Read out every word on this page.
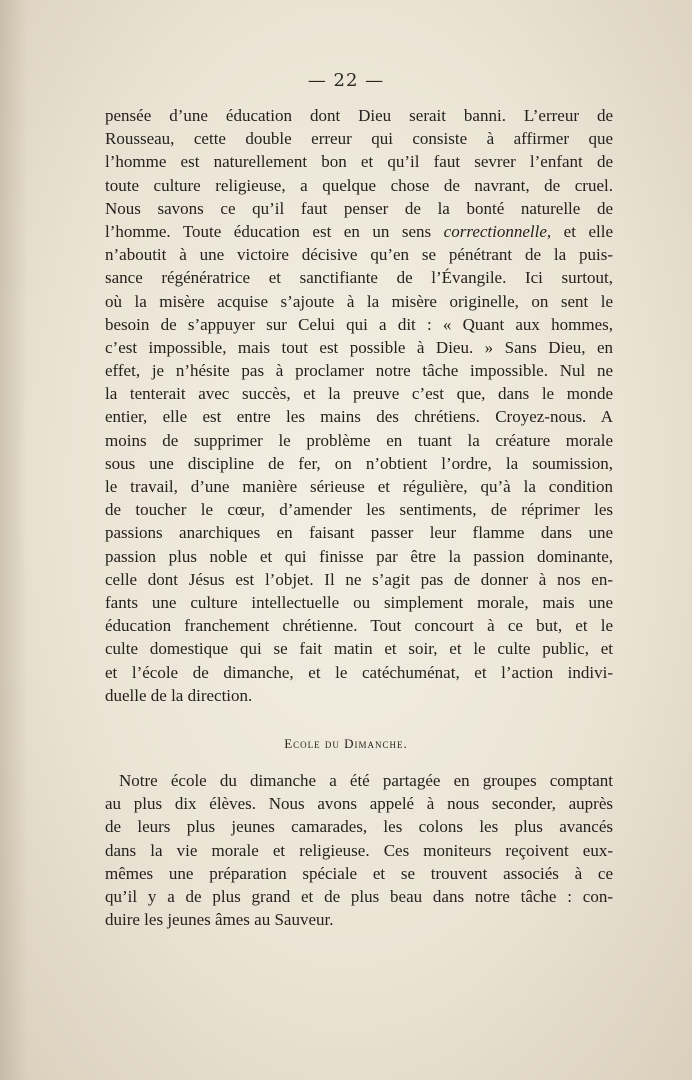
— 22 —
pensée d’une éducation dont Dieu serait banni. L’erreur de
Rousseau, cette double erreur qui consiste à affirmer que
l’homme est naturellement bon et qu’il faut sevrer l’enfant de
toute culture religieuse, a quelque chose de navrant, de cruel.
Nous savons ce qu’il faut penser de la bonté naturelle de
l’homme. Toute éducation est en un sens correctionnelle, et elle
n’aboutit à une victoire décisive qu’en se pénétrant de la puis-
sance régénératrice et sanctifiante de l’Évangile. Ici surtout,
où la misère acquise s’ajoute à la misère originelle, on sent le
besoin de s’appuyer sur Celui qui a dit : « Quant aux hommes,
c’est impossible, mais tout est possible à Dieu. » Sans Dieu, en
effet, je n’hésite pas à proclamer notre tâche impossible. Nul ne
la tenterait avec succès, et la preuve c’est que, dans le monde
entier, elle est entre les mains des chrétiens. Croyez-nous. A
moins de supprimer le problème en tuant la créature morale
sous une discipline de fer, on n’obtient l’ordre, la soumission,
le travail, d’une manière sérieuse et régulière, qu’à la condition
de toucher le cœur, d’amender les sentiments, de réprimer les
passions anarchiques en faisant passer leur flamme dans une
passion plus noble et qui finisse par être la passion dominante,
celle dont Jésus est l’objet. Il ne s’agit pas de donner à nos en-
fants une culture intellectuelle ou simplement morale, mais une
éducation franchement chrétienne. Tout concourt à ce but, et le
culte domestique qui se fait matin et soir, et le culte public, et
et l’école de dimanche, et le catéchuménat, et l’action indivi-
duelle de la direction.
Ecole du Dimanche.
Notre école du dimanche a été partagée en groupes comptant
au plus dix élèves. Nous avons appelé à nous seconder, auprès
de leurs plus jeunes camarades, les colons les plus avancés
dans la vie morale et religieuse. Ces moniteurs reçoivent eux-
mêmes une préparation spéciale et se trouvent associés à ce
qu’il y a de plus grand et de plus beau dans notre tâche : con-
duire les jeunes âmes au Sauveur.
